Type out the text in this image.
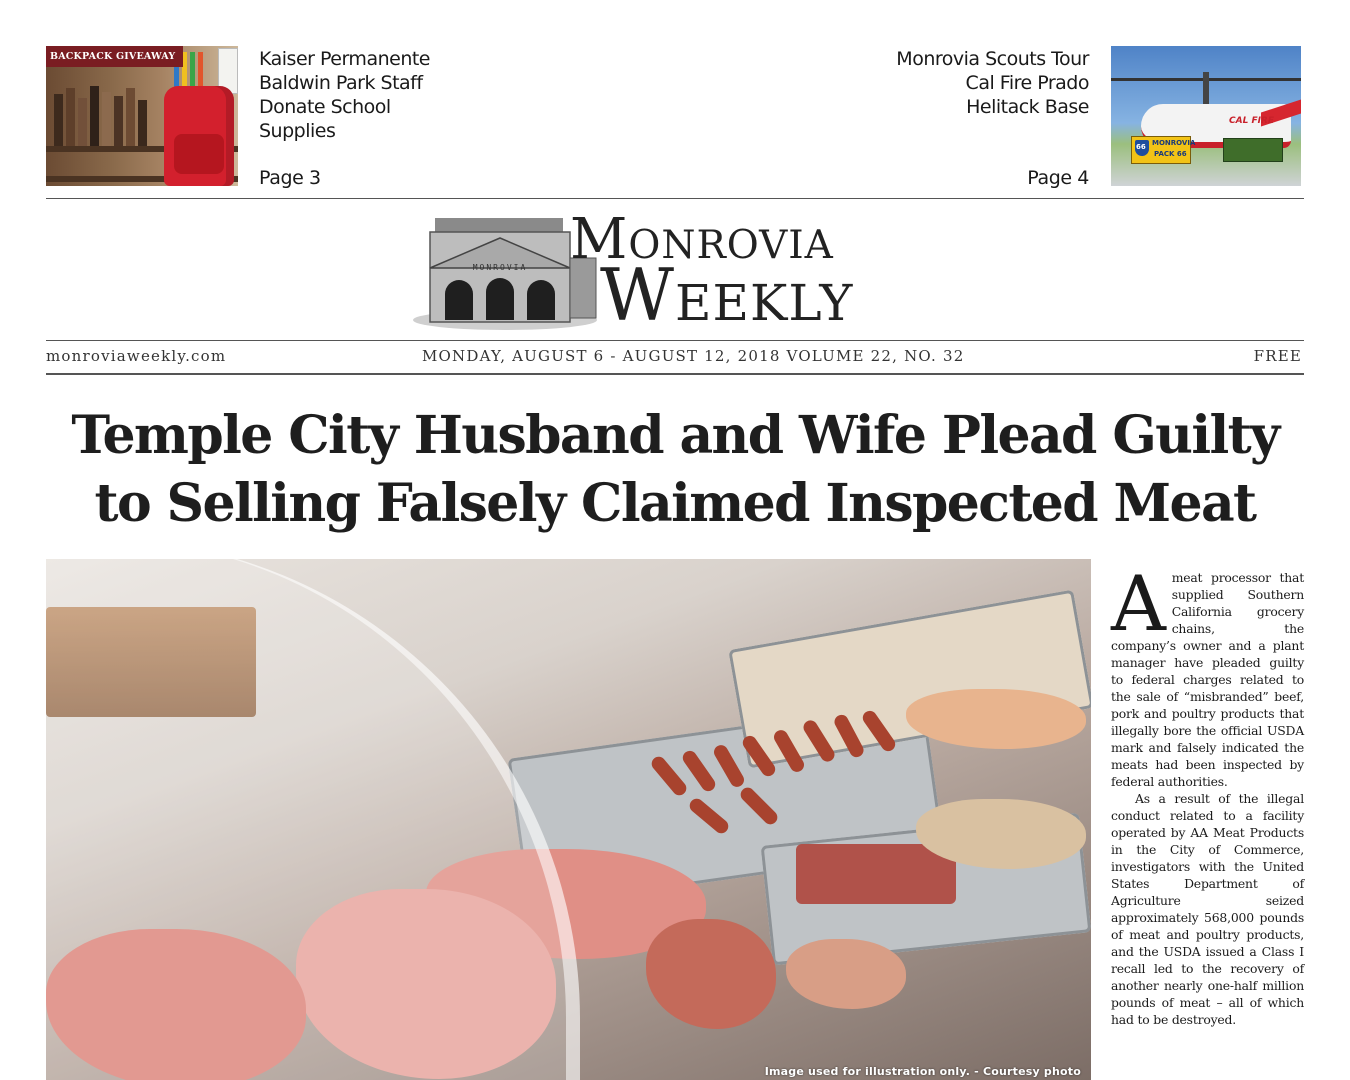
BACKPACK GIVEAWAY	Kaiser Permanente
Baldwin Park Staff
Donate School
Supplies
Page 3
Monrovia Scouts Tour
Cal Fire Prado
Helitack Base
Page 4
CAL FIRE
MONROVIA
PACK 66
66
MONROVIA Monrovia
Weekly
monroviaweekly.com	MONDAY, AUGUST 6 - AUGUST 12, 2018 VOLUME 22, NO. 32	FREE
Temple City Husband and Wife Plead Guilty
to Selling Falsely Claimed Inspected Meat
Image used for illustration only. - Courtesy photo
A meat processor that supplied Southern California grocery chains, the company’s owner and a plant manager have pleaded guilty to federal charges related to the sale of “misbranded” beef, pork and poultry products that illegally bore the official USDA mark and falsely indicated the meats had been inspected by federal authorities.

As a result of the illegal conduct related to a facility operated by AA Meat Products in the City of Commerce, investigators with the United States Department of Agriculture seized approximately 568,000 pounds of meat and poultry products, and the USDA issued a Class I recall led to the recovery of another nearly one-half million pounds of meat – all of which had to be destroyed.
